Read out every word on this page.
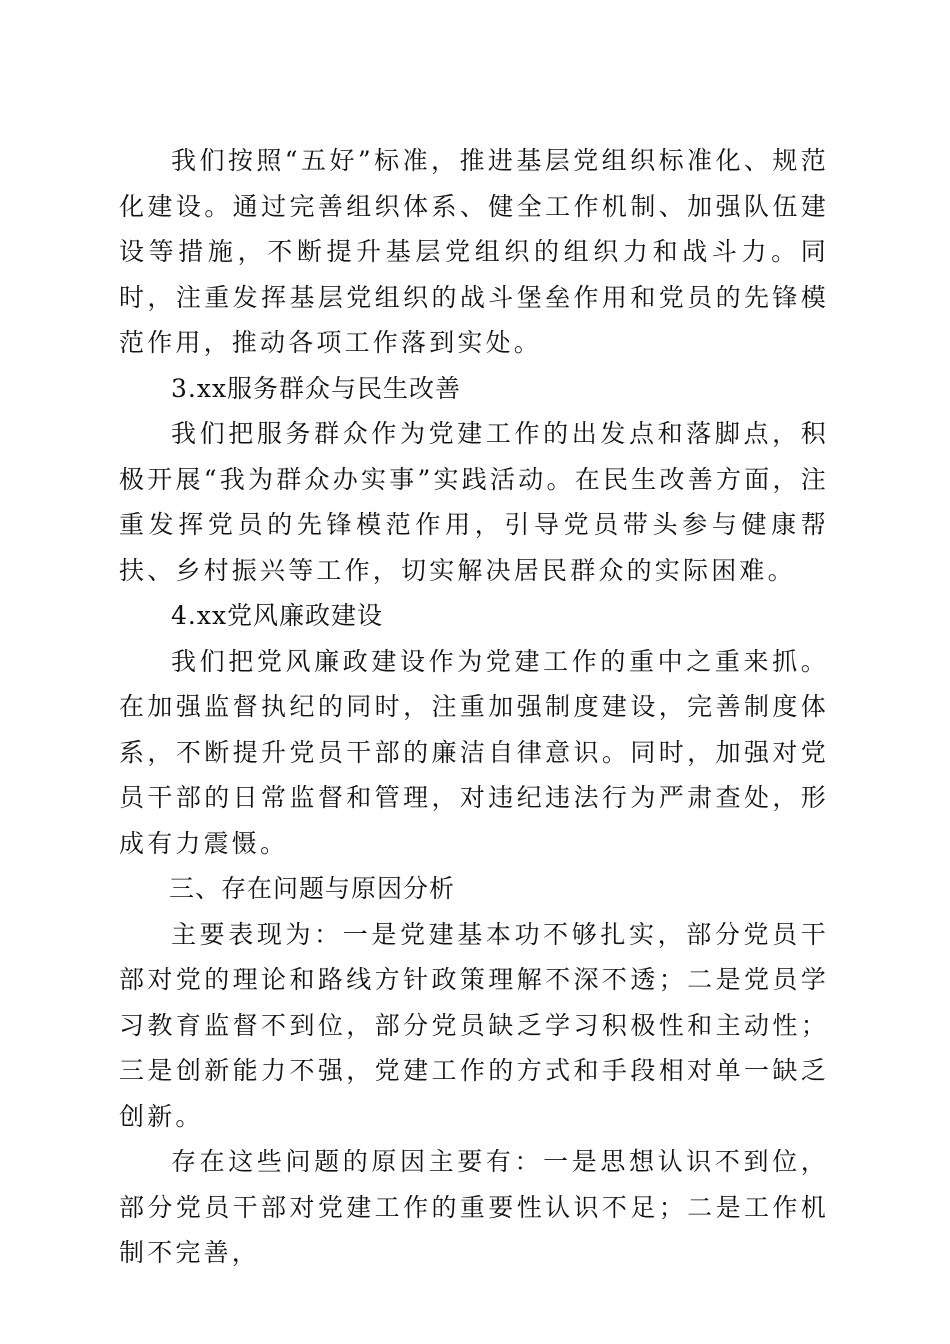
我们按照“五好”标准，推进基层党组织标准化、规范化建设。通过完善组织体系、健全工作机制、加强队伍建设等措施，不断提升基层党组织的组织力和战斗力。同时，注重发挥基层党组织的战斗堡垒作用和党员的先锋模范作用，推动各项工作落到实处。

3.xx服务群众与民生改善

我们把服务群众作为党建工作的出发点和落脚点，积极开展“我为群众办实事”实践活动。在民生改善方面，注重发挥党员的先锋模范作用，引导党员带头参与健康帮扶、乡村振兴等工作，切实解决居民群众的实际困难。

4.xx党风廉政建设

我们把党风廉政建设作为党建工作的重中之重来抓。在加强监督执纪的同时，注重加强制度建设，完善制度体系，不断提升党员干部的廉洁自律意识。同时，加强对党员干部的日常监督和管理，对违纪违法行为严肃查处，形成有力震慑。

三、存在问题与原因分析

主要表现为：一是党建基本功不够扎实，部分党员干部对党的理论和路线方针政策理解不深不透；二是党员学习教育监督不到位，部分党员缺乏学习积极性和主动性；三是创新能力不强，党建工作的方式和手段相对单一缺乏创新。

存在这些问题的原因主要有：一是思想认识不到位，部分党员干部对党建工作的重要性认识不足；二是工作机制不完善，
